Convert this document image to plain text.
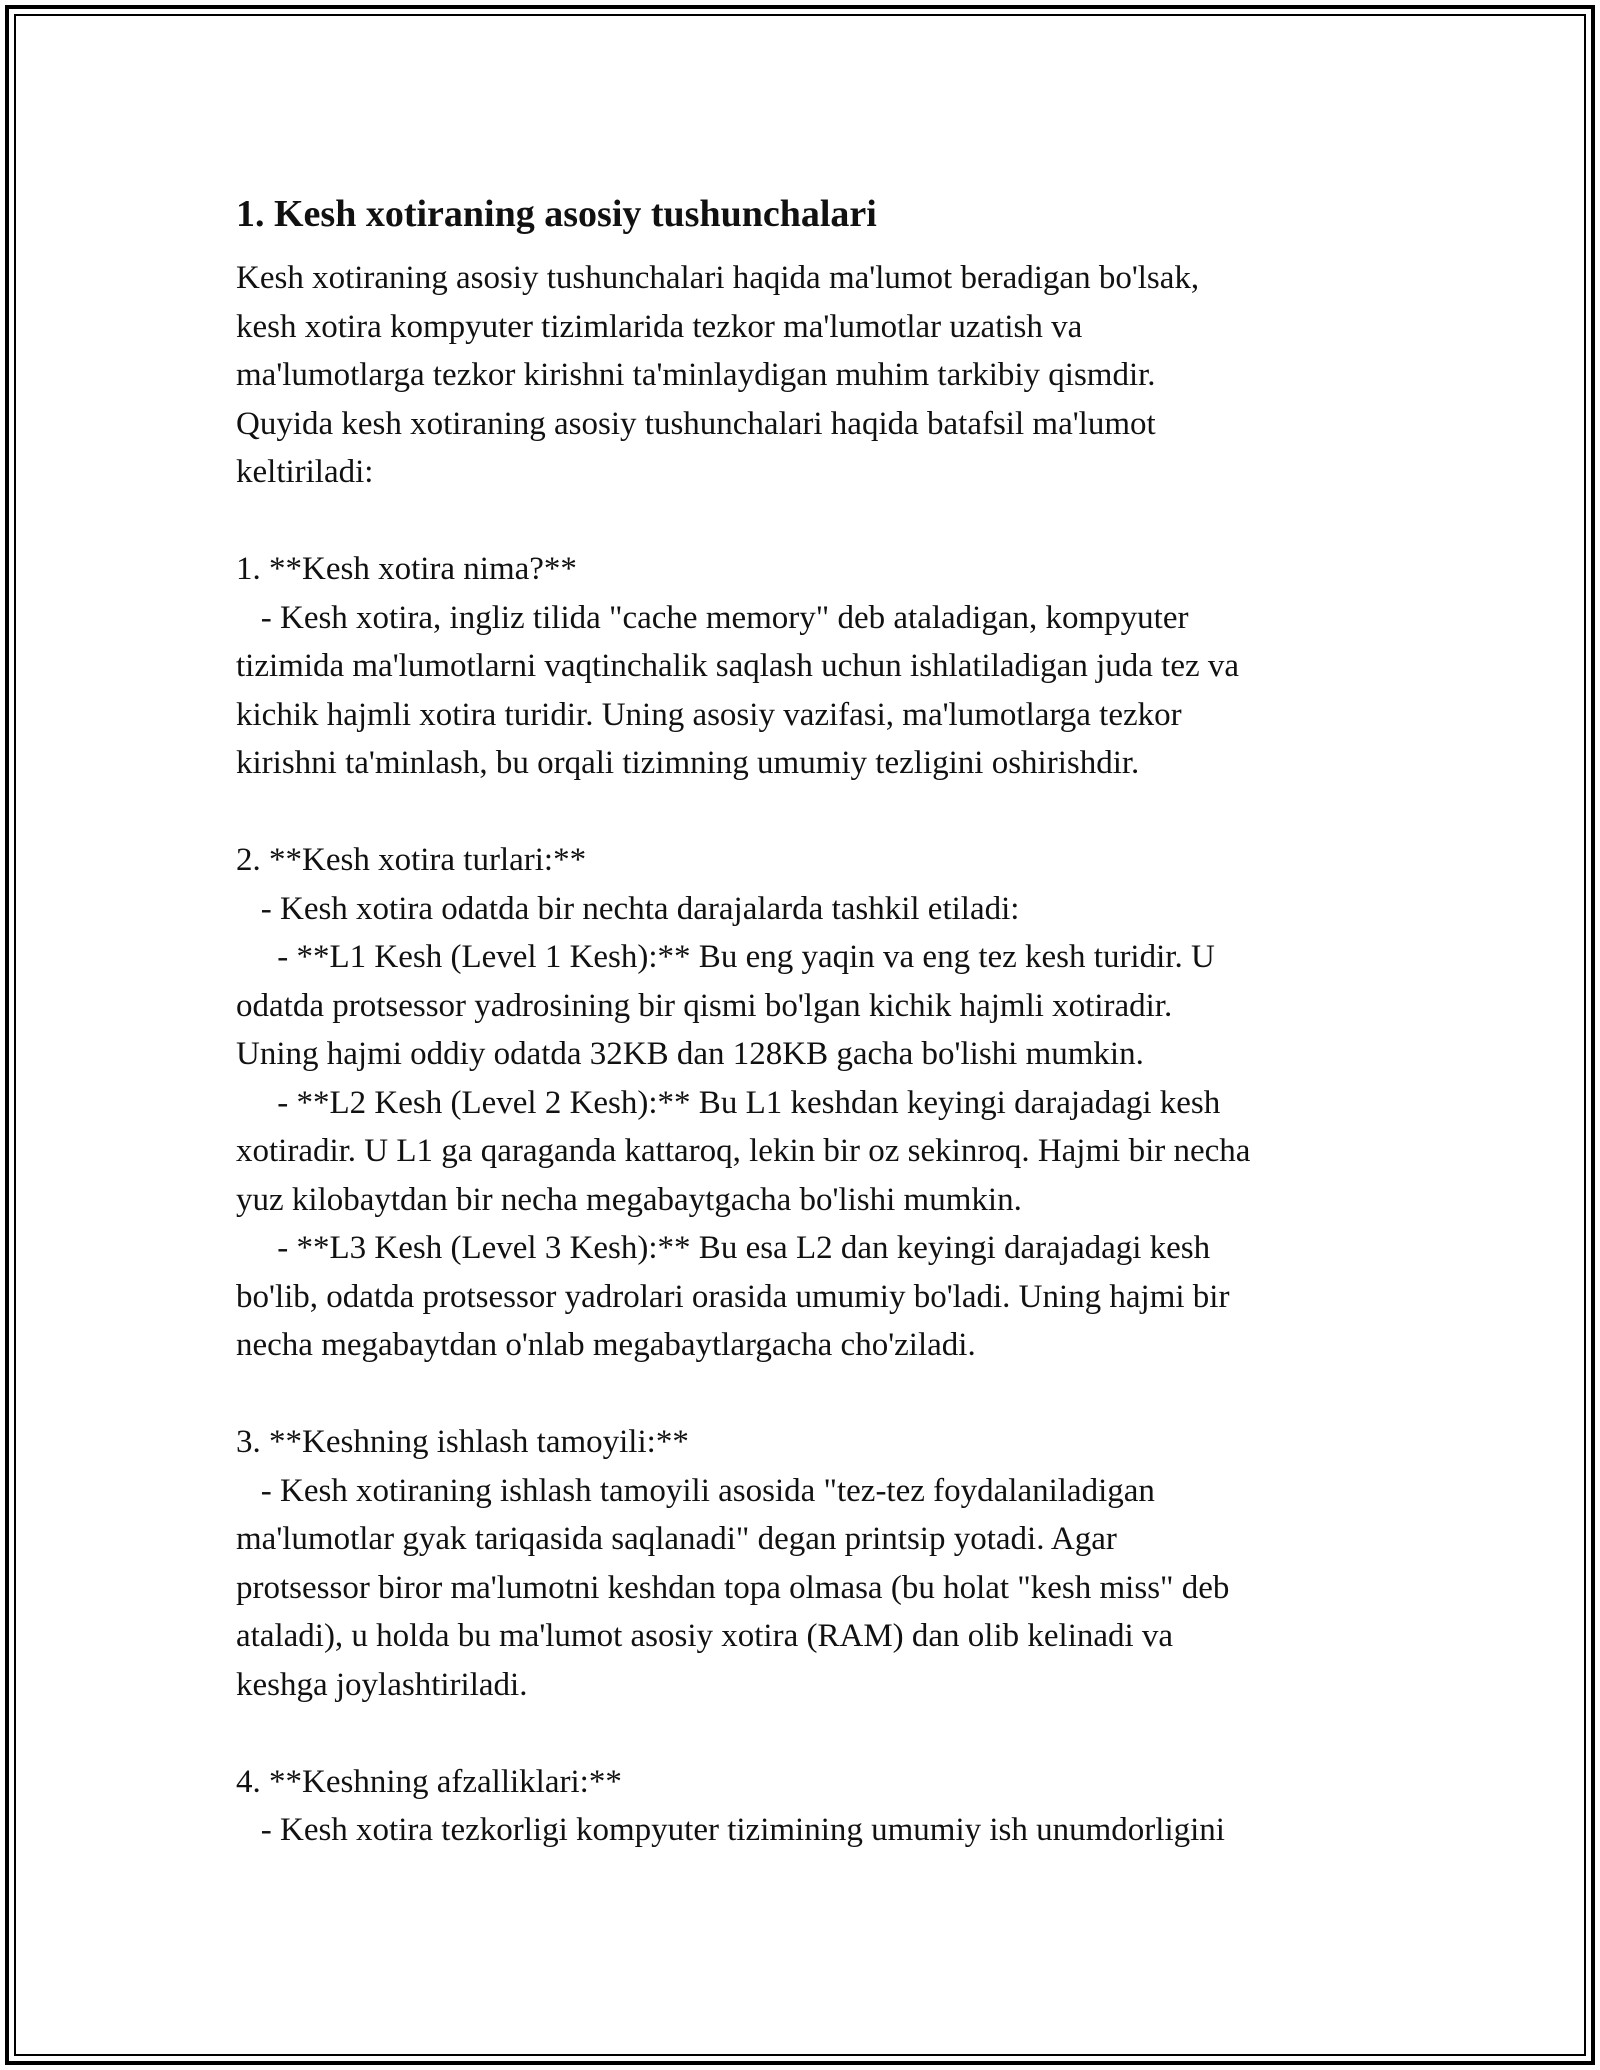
1. Kesh xotiraning asosiy tushunchalari
Kesh xotiraning asosiy tushunchalari haqida ma'lumot beradigan bo'lsak,
kesh xotira kompyuter tizimlarida tezkor ma'lumotlar uzatish va
ma'lumotlarga tezkor kirishni ta'minlaydigan muhim tarkibiy qismdir.
Quyida kesh xotiraning asosiy tushunchalari haqida batafsil ma'lumot
keltiriladi:
1. **Kesh xotira nima?**
- Kesh xotira, ingliz tilida "cache memory" deb ataladigan, kompyuter
tizimida ma'lumotlarni vaqtinchalik saqlash uchun ishlatiladigan juda tez va
kichik hajmli xotira turidir. Uning asosiy vazifasi, ma'lumotlarga tezkor
kirishni ta'minlash, bu orqali tizimning umumiy tezligini oshirishdir.
2. **Kesh xotira turlari:**
- Kesh xotira odatda bir nechta darajalarda tashkil etiladi:
- **L1 Kesh (Level 1 Kesh):** Bu eng yaqin va eng tez kesh turidir. U
odatda protsessor yadrosining bir qismi bo'lgan kichik hajmli xotiradir.
Uning hajmi oddiy odatda 32KB dan 128KB gacha bo'lishi mumkin.
- **L2 Kesh (Level 2 Kesh):** Bu L1 keshdan keyingi darajadagi kesh
xotiradir. U L1 ga qaraganda kattaroq, lekin bir oz sekinroq. Hajmi bir necha
yuz kilobaytdan bir necha megabaytgacha bo'lishi mumkin.
- **L3 Kesh (Level 3 Kesh):** Bu esa L2 dan keyingi darajadagi kesh
bo'lib, odatda protsessor yadrolari orasida umumiy bo'ladi. Uning hajmi bir
necha megabaytdan o'nlab megabaytlargacha cho'ziladi.
3. **Keshning ishlash tamoyili:**
- Kesh xotiraning ishlash tamoyili asosida "tez-tez foydalaniladigan
ma'lumotlar gyak tariqasida saqlanadi" degan printsip yotadi. Agar
protsessor biror ma'lumotni keshdan topa olmasa (bu holat "kesh miss" deb
ataladi), u holda bu ma'lumot asosiy xotira (RAM) dan olib kelinadi va
keshga joylashtiriladi.
4. **Keshning afzalliklari:**
- Kesh xotira tezkorligi kompyuter tizimining umumiy ish unumdorligini
